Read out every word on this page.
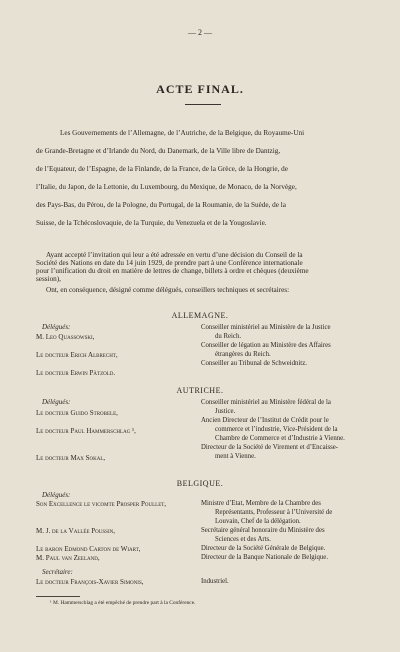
— 2 —
ACTE FINAL.
Les Gouvernements de l’Allemagne, de l’Autriche, de la Belgique, du Royaume-Uni
de Grande-Bretagne et d’Irlande du Nord, du Danemark, de la Ville libre de Dantzig,
de l’Equateur, de l’Espagne, de la Finlande, de la France, de la Grèce, de la Hongrie, de
l’Italie, du Japon, de la Lettonie, du Luxembourg, du Mexique, de Monaco, de la Norvège,
des Pays-Bas, du Pérou, de la Pologne, du Portugal, de la Roumanie, de la Suède, de la
Suisse, de la Tchécoslovaquie, de la Turquie, du Venezuela et de la Yougoslavie.
Ayant accepté l’invitation qui leur a été adressée en vertu d’une décision du Conseil de la
Société des Nations en date du 14 juin 1929, de prendre part à une Conférence internationale
pour l’unification du droit en matière de lettres de change, billets à ordre et chèques (deuxième
session),
Ont, en conséquence, désigné comme délégués, conseillers techniques et secrétaires:
ALLEMAGNE.
Délégués:
M. Leo Quassowski,
Le docteur Erich Albrecht,
Le docteur Erwin Pätzold.
Conseiller ministériel au Ministère de la Justice
du Reich.
Conseiller de légation au Ministère des Affaires
étrangères du Reich.
Conseiller au Tribunal de Schweidnitz.
AUTRICHE.
Délégués:
Le docteur Guido Strobele,
Le docteur Paul Hammerschlag ¹,
Le docteur Max Sokal,
Conseiller ministériel au Ministère fédéral de la
Justice.
Ancien Directeur de l’Institut de Crédit pour le
commerce et l’industrie, Vice-Président de la
Chambre de Commerce et d’Industrie à Vienne.
Directeur de la Société de Virement et d’Encaisse-
ment à Vienne.
BELGIQUE.
Délégués:
Son Excellence le vicomte Prosper Poullet,
M. J. de la Vallée Poussin,
Le baron Edmond Carton de Wiart,
M. Paul van Zeeland,
Ministre d’Etat, Membre de la Chambre des
Représentants, Professeur à l’Université de
Louvain, Chef de la délégation.
Secrétaire général honoraire du Ministère des
Sciences et des Arts.
Directeur de la Société Générale de Belgique.
Directeur de la Banque Nationale de Belgique.
Secrétaire:
Le docteur François-Xavier Simonis,	Industriel.
¹ M. Hammerschlag a été empêché de prendre part à la Conférence.
